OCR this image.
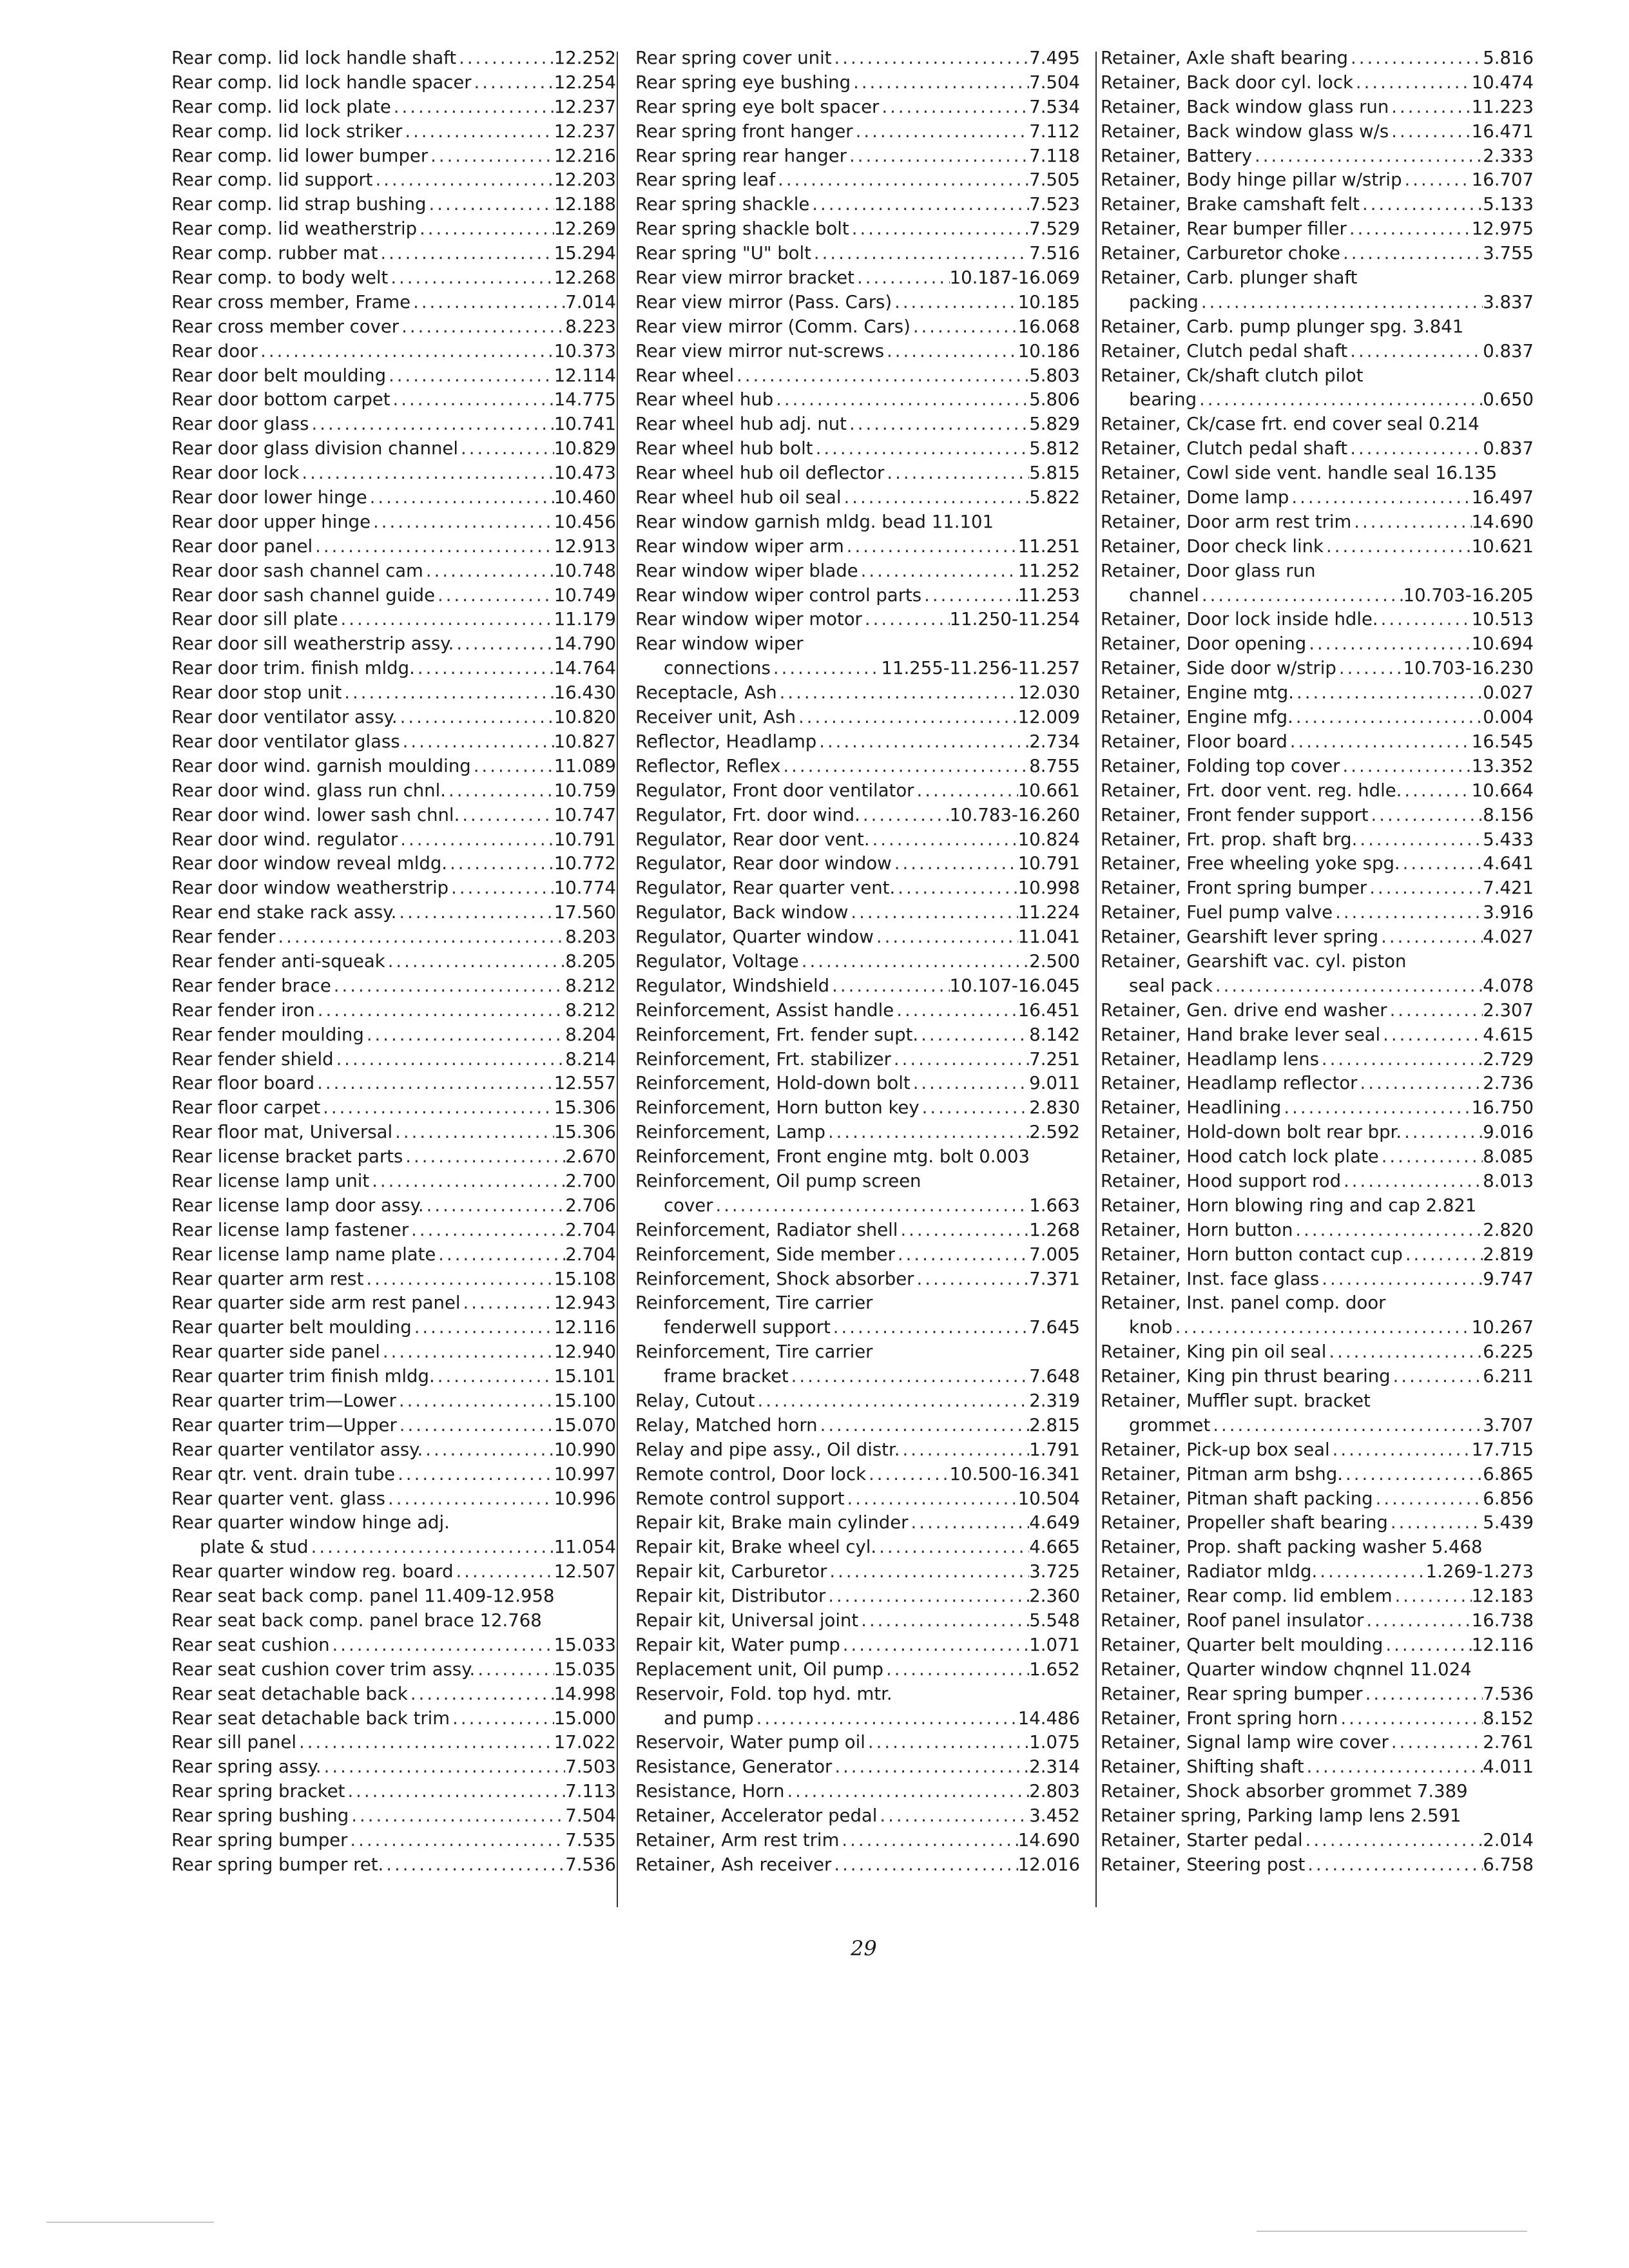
Rear comp. lid lock handle shaft .....	12.252
Rear comp. lid lock handle spacer .....	12.254
Rear comp. lid lock plate .....	12.237
Rear comp. lid lock striker .....	12.237
Rear comp. lid lower bumper .....	12.216
Rear comp. lid support .....	12.203
Rear comp. lid strap bushing .....	12.188
Rear comp. lid weatherstrip .....	12.269
Rear comp. rubber mat .....	15.294
Rear comp. to body welt .....	12.268
Rear cross member, Frame .....	7.014
Rear cross member cover .....	8.223
Rear door .....	10.373
Rear door belt moulding .....	12.114
Rear door bottom carpet .....	14.775
Rear door glass .....	10.741
Rear door glass division channel .....	10.829
Rear door lock .....	10.473
Rear door lower hinge .....	10.460
Rear door upper hinge .....	10.456
Rear door panel .....	12.913
Rear door sash channel cam .....	10.748
Rear door sash channel guide .....	10.749
Rear door sill plate .....	11.179
Rear door sill weatherstrip assy. .....	14.790
Rear door trim. finish mldg. .....	14.764
Rear door stop unit .....	16.430
Rear door ventilator assy. .....	10.820
Rear door ventilator glass .....	10.827
Rear door wind. garnish moulding .....	11.089
Rear door wind. glass run chnl. .....	10.759
Rear door wind. lower sash chnl. .....	10.747
Rear door wind. regulator .....	10.791
Rear door window reveal mldg. .....	10.772
Rear door window weatherstrip .....	10.774
Rear end stake rack assy. .....	17.560
Rear fender .....	8.203
Rear fender anti-squeak .....	8.205
Rear fender brace .....	8.212
Rear fender iron .....	8.212
Rear fender moulding .....	8.204
Rear fender shield .....	8.214
Rear floor board .....	12.557
Rear floor carpet .....	15.306
Rear floor mat, Universal .....	15.306
Rear license bracket parts .....	2.670
Rear license lamp unit .....	2.700
Rear license lamp door assy. .....	2.706
Rear license lamp fastener .....	2.704
Rear license lamp name plate .....	2.704
Rear quarter arm rest .....	15.108
Rear quarter side arm rest panel .....	12.943
Rear quarter belt moulding .....	12.116
Rear quarter side panel .....	12.940
Rear quarter trim finish mldg. .....	15.101
Rear quarter trim—Lower .....	15.100
Rear quarter trim—Upper .....	15.070
Rear quarter ventilator assy. .....	10.990
Rear qtr. vent. drain tube .....	10.997
Rear quarter vent. glass .....	10.996
Rear quarter window hinge adj.
plate & stud .....	11.054
Rear quarter window reg. board .....	12.507
Rear seat back comp. panel 11.409-12.958
Rear seat back comp. panel brace 12.768
Rear seat cushion .....	15.033
Rear seat cushion cover trim assy. .....	15.035
Rear seat detachable back .....	14.998
Rear seat detachable back trim .....	15.000
Rear sill panel .....	17.022
Rear spring assy. .....	7.503
Rear spring bracket .....	7.113
Rear spring bushing .....	7.504
Rear spring bumper .....	7.535
Rear spring bumper ret. .....	7.536
Rear spring cover unit .....	7.495
Rear spring eye bushing .....	7.504
Rear spring eye bolt spacer .....	7.534
Rear spring front hanger .....	7.112
Rear spring rear hanger .....	7.118
Rear spring leaf .....	7.505
Rear spring shackle .....	7.523
Rear spring shackle bolt .....	7.529
Rear spring "U" bolt .....	7.516
Rear view mirror bracket .....	10.187-16.069
Rear view mirror (Pass. Cars) .....	10.185
Rear view mirror (Comm. Cars) .....	16.068
Rear view mirror nut-screws .....	10.186
Rear wheel .....	5.803
Rear wheel hub .....	5.806
Rear wheel hub adj. nut .....	5.829
Rear wheel hub bolt .....	5.812
Rear wheel hub oil deflector .....	5.815
Rear wheel hub oil seal .....	5.822
Rear window garnish mldg. bead 11.101
Rear window wiper arm .....	11.251
Rear window wiper blade .....	11.252
Rear window wiper control parts .....	11.253
Rear window wiper motor .....	11.250-11.254
Rear window wiper
connections .....	11.255-11.256-11.257
Receptacle, Ash .....	12.030
Receiver unit, Ash .....	12.009
Reflector, Headlamp .....	2.734
Reflector, Reflex .....	8.755
Regulator, Front door ventilator .....	10.661
Regulator, Frt. door wind. .....	10.783-16.260
Regulator, Rear door vent. .....	10.824
Regulator, Rear door window .....	10.791
Regulator, Rear quarter vent. .....	10.998
Regulator, Back window .....	11.224
Regulator, Quarter window .....	11.041
Regulator, Voltage .....	2.500
Regulator, Windshield .....	10.107-16.045
Reinforcement, Assist handle .....	16.451
Reinforcement, Frt. fender supt. .....	8.142
Reinforcement, Frt. stabilizer .....	7.251
Reinforcement, Hold-down bolt .....	9.011
Reinforcement, Horn button key .....	2.830
Reinforcement, Lamp .....	2.592
Reinforcement, Front engine mtg. bolt 0.003
Reinforcement, Oil pump screen
cover .....	1.663
Reinforcement, Radiator shell .....	1.268
Reinforcement, Side member .....	7.005
Reinforcement, Shock absorber .....	7.371
Reinforcement, Tire carrier
fenderwell support .....	7.645
Reinforcement, Tire carrier
frame bracket .....	7.648
Relay, Cutout .....	2.319
Relay, Matched horn .....	2.815
Relay and pipe assy., Oil distr. .....	1.791
Remote control, Door lock .....	10.500-16.341
Remote control support .....	10.504
Repair kit, Brake main cylinder .....	4.649
Repair kit, Brake wheel cyl. .....	4.665
Repair kit, Carburetor .....	3.725
Repair kit, Distributor .....	2.360
Repair kit, Universal joint .....	5.548
Repair kit, Water pump .....	1.071
Replacement unit, Oil pump .....	1.652
Reservoir, Fold. top hyd. mtr.
and pump .....	14.486
Reservoir, Water pump oil .....	1.075
Resistance, Generator .....	2.314
Resistance, Horn .....	2.803
Retainer, Accelerator pedal .....	3.452
Retainer, Arm rest trim .....	14.690
Retainer, Ash receiver .....	12.016
Retainer, Axle shaft bearing .....	5.816
Retainer, Back door cyl. lock .....	10.474
Retainer, Back window glass run .....	11.223
Retainer, Back window glass w/s .....	16.471
Retainer, Battery .....	2.333
Retainer, Body hinge pillar w/strip .....	16.707
Retainer, Brake camshaft felt .....	5.133
Retainer, Rear bumper filler .....	12.975
Retainer, Carburetor choke .....	3.755
Retainer, Carb. plunger shaft
packing .....	3.837
Retainer, Carb. pump plunger spg. 3.841
Retainer, Clutch pedal shaft .....	0.837
Retainer, Ck/shaft clutch pilot
bearing .....	0.650
Retainer, Ck/case frt. end cover seal 0.214
Retainer, Clutch pedal shaft .....	0.837
Retainer, Cowl side vent. handle seal 16.135
Retainer, Dome lamp .....	16.497
Retainer, Door arm rest trim .....	14.690
Retainer, Door check link .....	10.621
Retainer, Door glass run
channel .....	10.703-16.205
Retainer, Door lock inside hdle. .....	10.513
Retainer, Door opening .....	10.694
Retainer, Side door w/strip .....	10.703-16.230
Retainer, Engine mtg. .....	0.027
Retainer, Engine mfg. .....	0.004
Retainer, Floor board .....	16.545
Retainer, Folding top cover .....	13.352
Retainer, Frt. door vent. reg. hdle. .....	10.664
Retainer, Front fender support .....	8.156
Retainer, Frt. prop. shaft brg. .....	5.433
Retainer, Free wheeling yoke spg. .....	4.641
Retainer, Front spring bumper .....	7.421
Retainer, Fuel pump valve .....	3.916
Retainer, Gearshift lever spring .....	4.027
Retainer, Gearshift vac. cyl. piston
seal pack .....	4.078
Retainer, Gen. drive end washer .....	2.307
Retainer, Hand brake lever seal .....	4.615
Retainer, Headlamp lens .....	2.729
Retainer, Headlamp reflector .....	2.736
Retainer, Headlining .....	16.750
Retainer, Hold-down bolt rear bpr. .....	9.016
Retainer, Hood catch lock plate .....	8.085
Retainer, Hood support rod .....	8.013
Retainer, Horn blowing ring and cap 2.821
Retainer, Horn button .....	2.820
Retainer, Horn button contact cup .....	2.819
Retainer, Inst. face glass .....	9.747
Retainer, Inst. panel comp. door
knob .....	10.267
Retainer, King pin oil seal .....	6.225
Retainer, King pin thrust bearing .....	6.211
Retainer, Muffler supt. bracket
grommet .....	3.707
Retainer, Pick-up box seal .....	17.715
Retainer, Pitman arm bshg. .....	6.865
Retainer, Pitman shaft packing .....	6.856
Retainer, Propeller shaft bearing .....	5.439
Retainer, Prop. shaft packing washer 5.468
Retainer, Radiator mldg. .....	1.269-1.273
Retainer, Rear comp. lid emblem .....	12.183
Retainer, Roof panel insulator .....	16.738
Retainer, Quarter belt moulding .....	12.116
Retainer, Quarter window chqnnel 11.024
Retainer, Rear spring bumper .....	7.536
Retainer, Front spring horn .....	8.152
Retainer, Signal lamp wire cover .....	2.761
Retainer, Shifting shaft .....	4.011
Retainer, Shock absorber grommet 7.389
Retainer spring, Parking lamp lens 2.591
Retainer, Starter pedal .....	2.014
Retainer, Steering post .....	6.758
29
